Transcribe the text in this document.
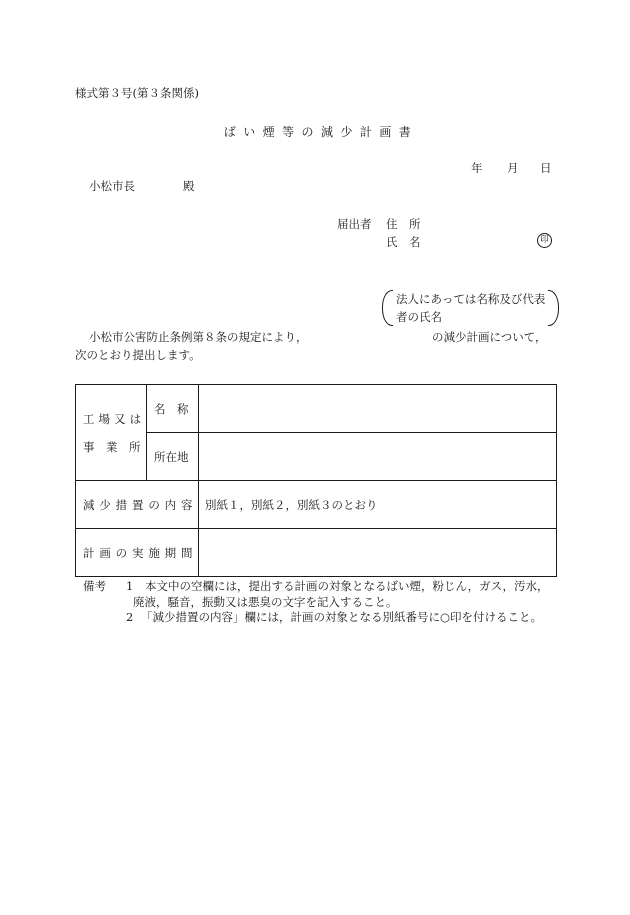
様式第３号(第３条関係)
ばい煙等の減少計画書
年 月 日
小松市長	殿
届出者 住　所
氏　名	印
法人にあっては名称及び代表
者の氏名
小松市公害防止条例第８条の規定により，	の減少計画について，
次のとおり提出します。
工場又は
事　業　所	名　称	
	所在地	
減少措置の内容		別紙１，別紙２，別紙３のとおり
計画の実施期間		
備考 1 本文中の空欄には，提出する計画の対象となるばい煙，粉じん，ガス，汚水，
廃液，騒音，振動又は悪臭の文字を記入すること。
2 「減少措置の内容」欄には，計画の対象となる別紙番号に○印を付けること。
